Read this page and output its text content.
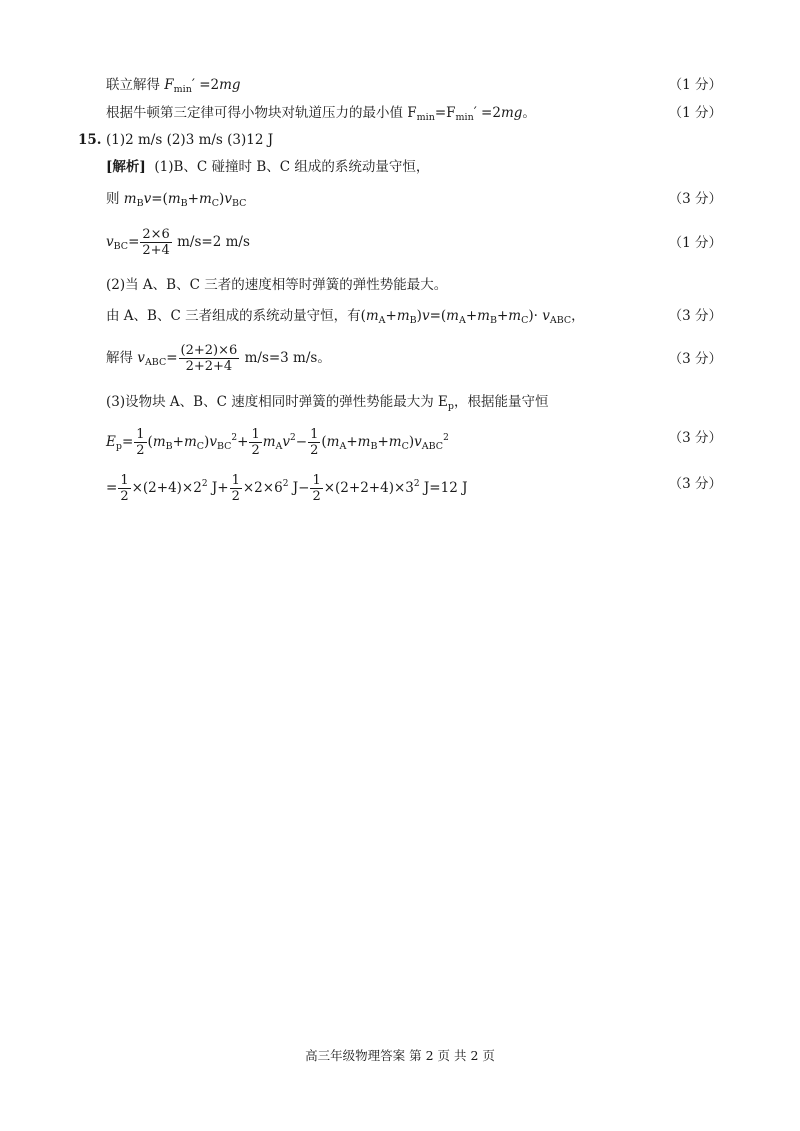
联立解得 $F_{min}' =2mg$	（1 分）
根据牛顿第三定律可得小物块对轨道压力的最小值 $F_{min}=F_{min}' =2mg$。	（1 分）
15. (1)2 m/s (2)3 m/s (3)12 J
[解析] (1)B、C 碰撞时 B、C 组成的系统动量守恒，
则 $m_Bv=(m_B+m_C)v_{BC}$	（3 分）
$v_{BC}= \frac{2\times 6}{2+4} m/s=2$ m/s	（1 分）
(2)当 A、B、C 三者的速度相等时弹簧的弹性势能最大。
由 A、B、C 三者组成的系统动量守恒，有$(m_A+m_B)v=(m_A+m_B+m_C)\cdot v_{ABC}$，	（3 分）
解得 $v_{ABC}= \frac{(2+2)\times 6}{2+2+4} m/s=3$ m/s。	（3 分）
(3)设物块 A、B、C 速度相同时弹簧的弹性势能最大为 $E_p$，根据能量守恒
$E_p= \frac{1}{2} (m_B+m_C)v_{BC}^2+ \frac{1}{2} m_Av^2- \frac{1}{2} (m_A+m_B+m_C)v_{ABC}^2$	（3 分）
= $\frac{1}{2} \times(2+4)\times 2^2$ $J+ \frac{1}{2} \times 2\times 6^2$ $J- \frac{1}{2} \times(2+2+4)\times 3^2$ J=12 J	（3 分）
高三年级物理答案 第 2 页 共 2 页
